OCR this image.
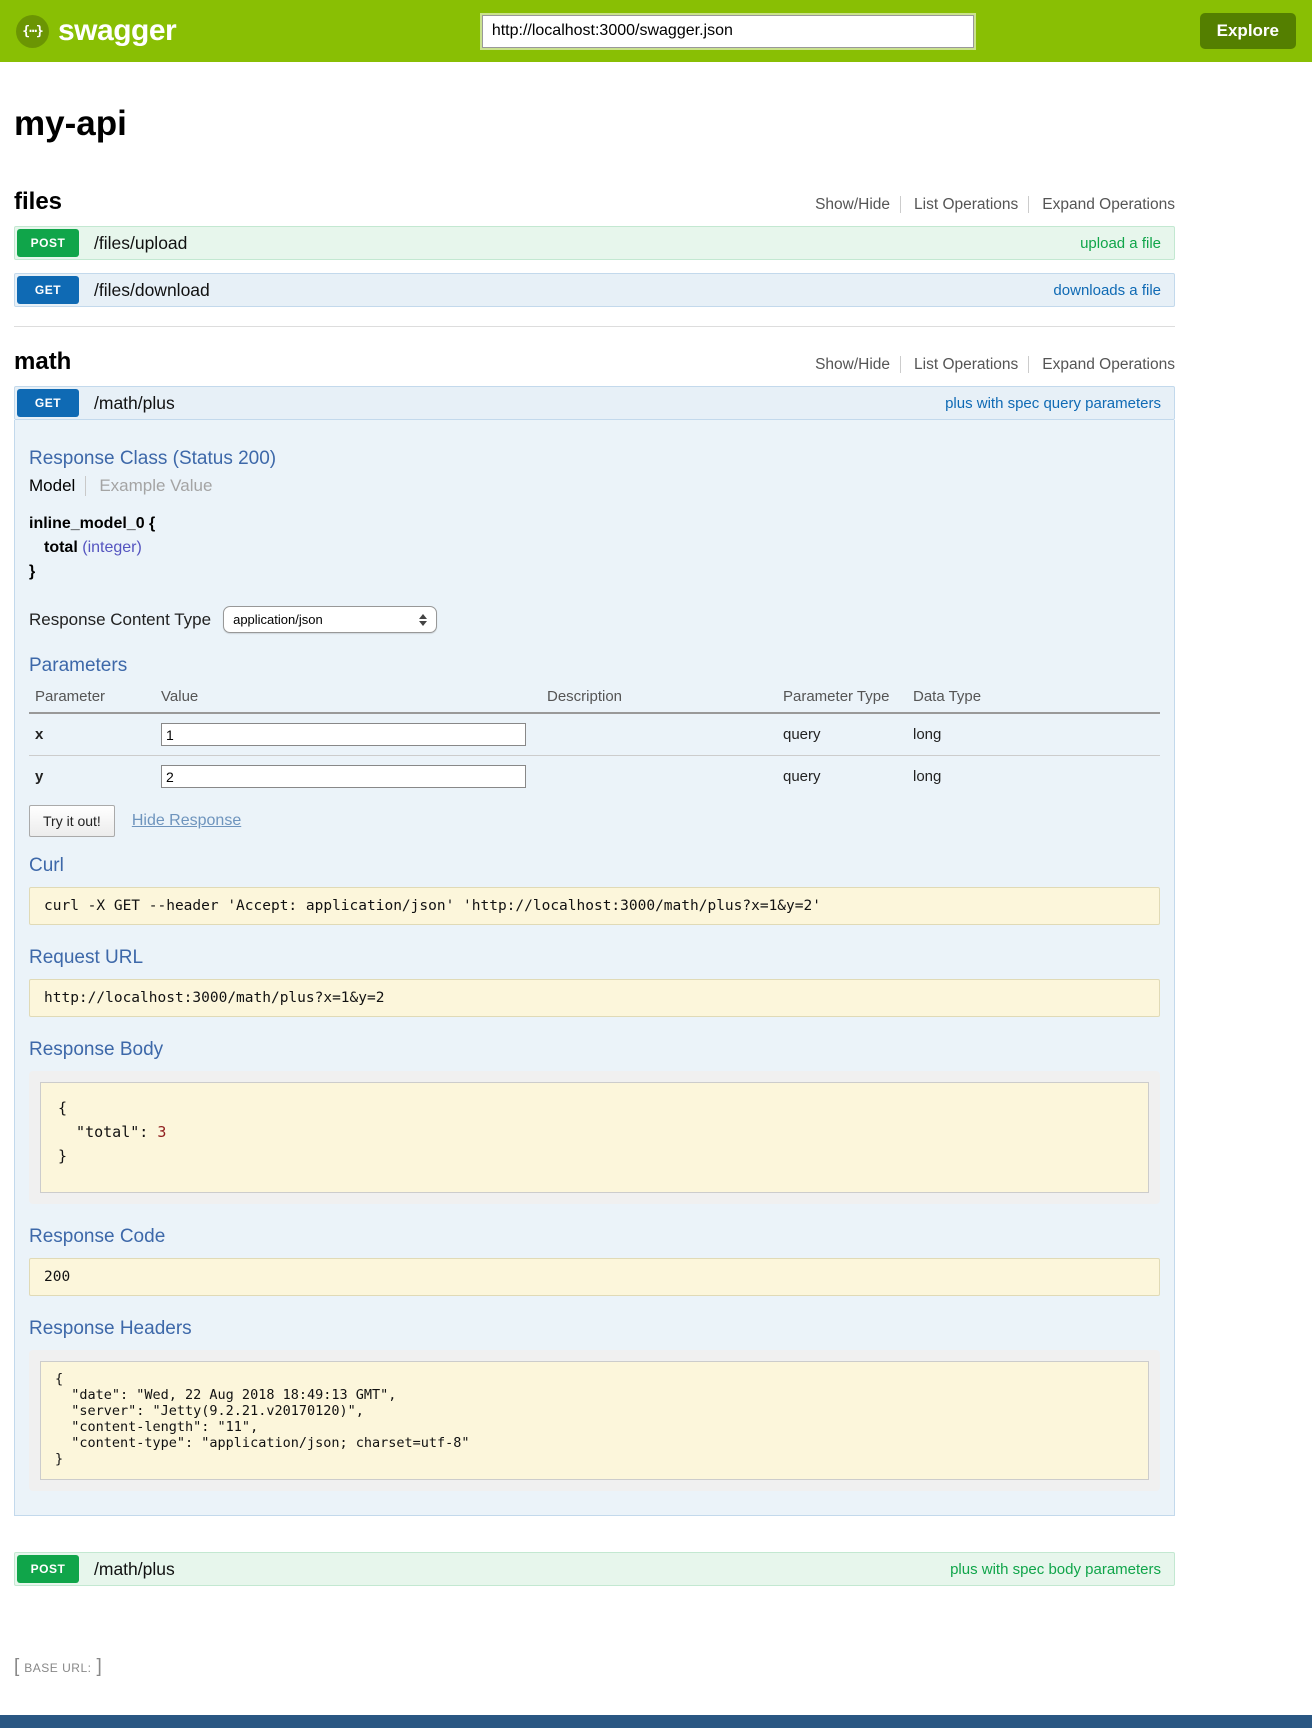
{⋯} swagger
http://localhost:3000/swagger.json	Explore
my-api
files	Show/Hide List Operations Expand Operations
POST	/files/upload	upload a file
GET	/files/download	downloads a file
math	Show/Hide List Operations Expand Operations
GET	/math/plus	plus with spec query parameters
Response Class (Status 200)
Model	Example Value
inline_model_0 {
total (integer)
}
Response Content Type application/json
Parameters
Parameter	Value	Description	Parameter Type	Data Type
x	1		query	long
y	2		query	long
Try it out!	Hide Response
Curl
curl -X GET --header 'Accept: application/json' 'http://localhost:3000/math/plus?x=1&y=2'
Request URL
http://localhost:3000/math/plus?x=1&y=2
Response Body
{
"total": 3
}
Response Code
200
Response Headers
{
"date": "Wed, 22 Aug 2018 18:49:13 GMT",
"server": "Jetty(9.2.21.v20170120)",
"content-length": "11",
"content-type": "application/json; charset=utf-8"
}
POST	/math/plus	plus with spec body parameters
[ BASE URL: ]
